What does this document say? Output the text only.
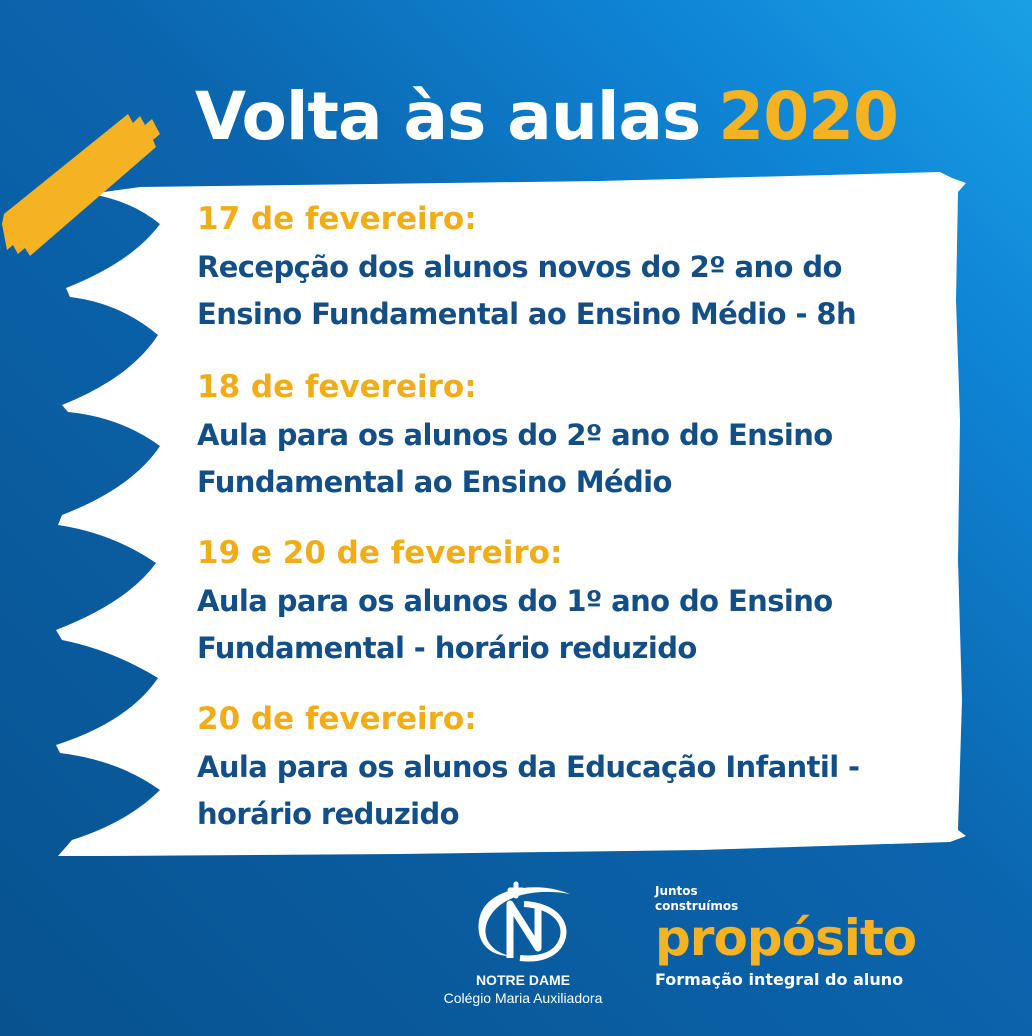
Volta às aulas 2020
17 de fevereiro:
Recepção dos alunos novos do 2º ano do
Ensino Fundamental ao Ensino Médio - 8h
18 de fevereiro:
Aula para os alunos do 2º ano do Ensino
Fundamental ao Ensino Médio
19 e 20 de fevereiro:
Aula para os alunos do 1º ano do Ensino
Fundamental - horário reduzido
20 de fevereiro:
Aula para os alunos da Educação Infantil -
horário reduzido
NOTRE DAME
Colégio Maria Auxiliadora
Juntos
construímos
propósito
Formação integral do aluno
